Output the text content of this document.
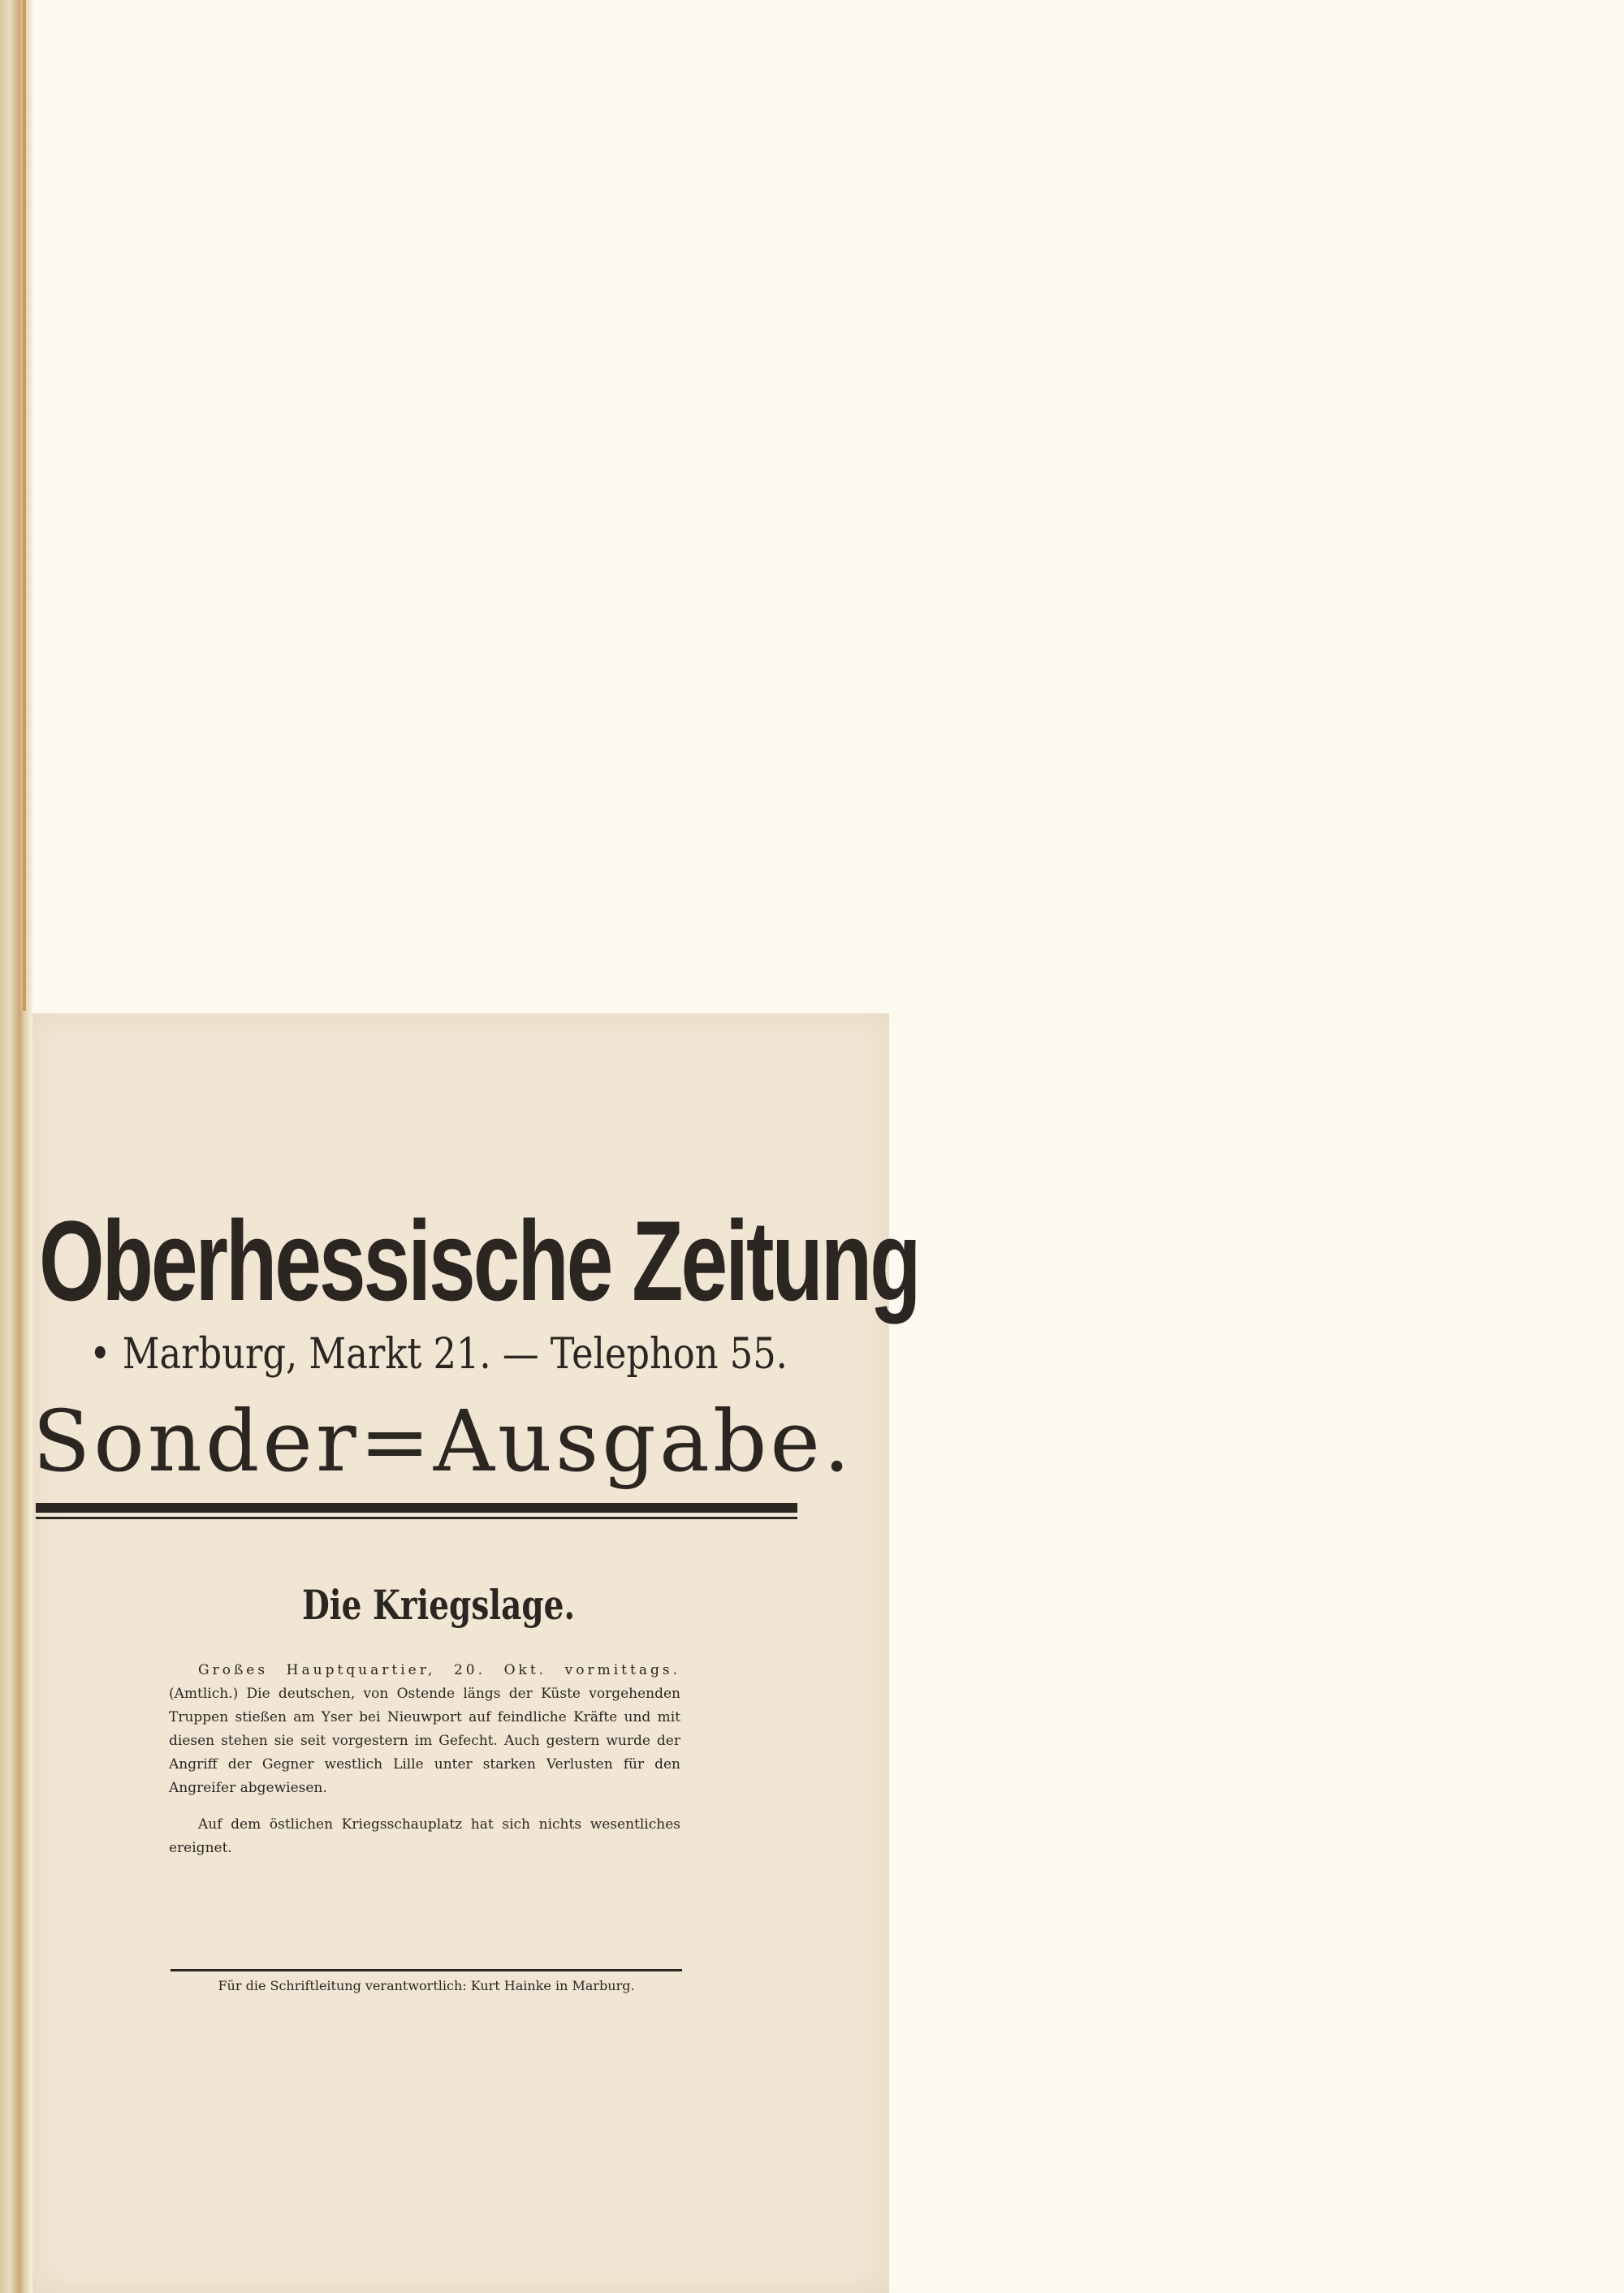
Oberhessische Zeitung
• Marburg, Markt 21. — Telephon 55.
Sonder=Ausgabe.
Die Kriegslage.

Großes Hauptquartier, 20. Okt. vormittags. (Amtlich.) Die deutschen, von Ostende längs der Küste vorgehenden Truppen stießen am Yser bei Nieuwport auf feindliche Kräfte und mit diesen stehen sie seit vorgestern im Gefecht. Auch gestern wurde der Angriff der Gegner westlich Lille unter starken Verlusten für den Angreifer abgewiesen.

Auf dem östlichen Kriegsschauplatz hat sich nichts wesentliches ereignet.

Für die Schriftleitung verantwortlich: Kurt Hainke in Marburg.
